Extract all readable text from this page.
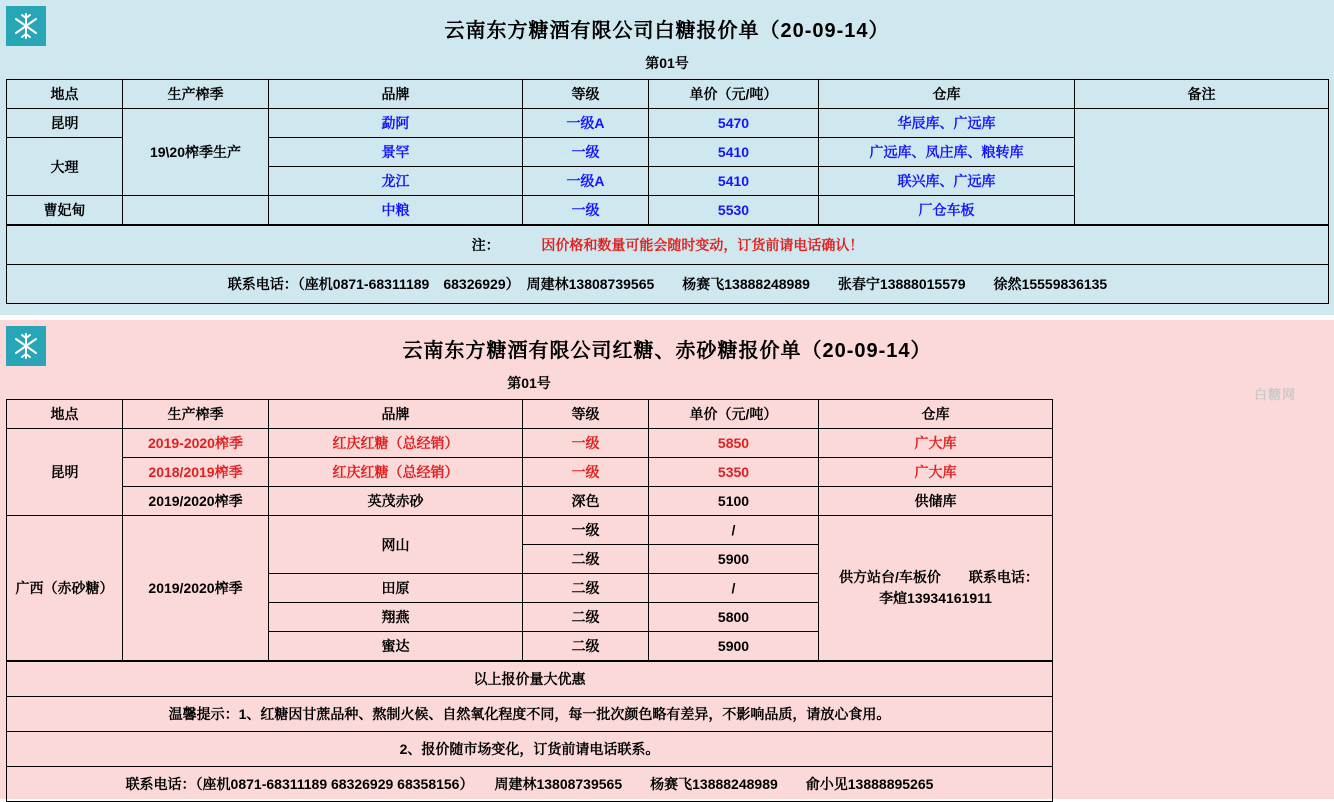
云南东方糖酒有限公司白糖报价单（20-09-14）
第01号
地点	生产榨季	品牌	等级	单价（元/吨）	仓库	备注
昆明	19\20榨季生产	勐阿	一级A	5470	华辰库、广远库	
大理		景罕	一级	5410	广远库、凤庄库、粮转库	
		龙江	一级A	5410	联兴库、广远库	
曹妃甸		中粮	一级	5530	厂仓车板	
注：	因价格和数量可能会随时变动，订货前请电话确认！
联系电话：（座机0871-68311189　68326929）　周建林13808739565　　杨赛飞13888248989　　张春宁13888015579　　徐然15559836135
云南东方糖酒有限公司红糖、赤砂糖报价单（20-09-14）
第01号
地点	生产榨季	品牌	等级	单价（元/吨）	仓库
昆明	2019-2020榨季	红庆红糖（总经销）	一级	5850	广大库
	2018/2019榨季	红庆红糖（总经销）	一级	5350	广大库
	2019/2020榨季	英茂赤砂	深色	5100	供储库
广西（赤砂糖）	2019/2020榨季	网山	一级	/	供方站台/车板价　　联系电话：　　　　李煊13934161911
			二级	5900	
		田原	二级	/	
		翔燕	二级	5800	
		蜜达	二级	5900	
以上报价量大优惠
温馨提示：1、红糖因甘蔗品种、熬制火候、自然氧化程度不同，每一批次颜色略有差异，不影响品质，请放心食用。
2、报价随市场变化，订货前请电话联系。
联系电话：（座机0871-68311189 68326929 68358156）　　周建林13808739565　　杨赛飞13888248989　　俞小见13888895265
白糖网
